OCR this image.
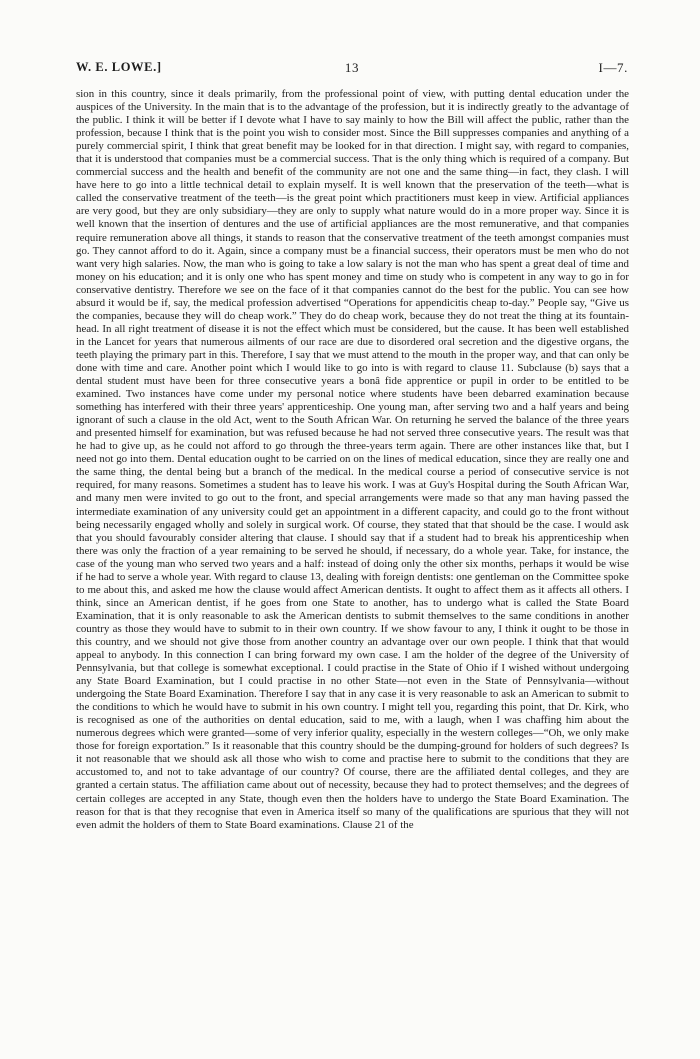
W. E. LOWE.]	13	I—7.

sion in this country, since it deals primarily, from the professional point of view, with putting dental education under the auspices of the University. In the main that is to the advantage of the profession, but it is indirectly greatly to the advantage of the public. I think it will be better if I devote what I have to say mainly to how the Bill will affect the public, rather than the profession, because I think that is the point you wish to consider most. Since the Bill suppresses companies and anything of a purely commercial spirit, I think that great benefit may be looked for in that direction. I might say, with regard to companies, that it is understood that companies must be a commercial success. That is the only thing which is required of a company. But commercial success and the health and benefit of the community are not one and the same thing—in fact, they clash. I will have here to go into a little technical detail to explain myself. It is well known that the preservation of the teeth—what is called the conservative treatment of the teeth—is the great point which practitioners must keep in view. Artificial appliances are very good, but they are only subsidiary—they are only to supply what nature would do in a more proper way. Since it is well known that the insertion of dentures and the use of artificial appliances are the most remunerative, and that companies require remuneration above all things, it stands to reason that the conservative treatment of the teeth amongst companies must go. They cannot afford to do it. Again, since a company must be a financial success, their operators must be men who do not want very high salaries. Now, the man who is going to take a low salary is not the man who has spent a great deal of time and money on his education; and it is only one who has spent money and time on study who is competent in any way to go in for conservative dentistry. Therefore we see on the face of it that companies cannot do the best for the public. You can see how absurd it would be if, say, the medical profession advertised “Operations for appendicitis cheap to-day.” People say, “Give us the companies, because they will do cheap work.” They do do cheap work, because they do not treat the thing at its fountain-head. In all right treatment of disease it is not the effect which must be considered, but the cause. It has been well established in the Lancet for years that numerous ailments of our race are due to disordered oral secretion and the digestive organs, the teeth playing the primary part in this. Therefore, I say that we must attend to the mouth in the proper way, and that can only be done with time and care. Another point which I would like to go into is with regard to clause 11. Subclause (b) says that a dental student must have been for three consecutive years a bonâ fide apprentice or pupil in order to be entitled to be examined. Two instances have come under my personal notice where students have been debarred examination because something has interfered with their three years' apprenticeship. One young man, after serving two and a half years and being ignorant of such a clause in the old Act, went to the South African War. On returning he served the balance of the three years and presented himself for examination, but was refused because he had not served three consecutive years. The result was that he had to give up, as he could not afford to go through the three-years term again. There are other instances like that, but I need not go into them. Dental education ought to be carried on on the lines of medical education, since they are really one and the same thing, the dental being but a branch of the medical. In the medical course a period of consecutive service is not required, for many reasons. Sometimes a student has to leave his work. I was at Guy's Hospital during the South African War, and many men were invited to go out to the front, and special arrangements were made so that any man having passed the intermediate examination of any university could get an appointment in a different capacity, and could go to the front without being necessarily engaged wholly and solely in surgical work. Of course, they stated that that should be the case. I would ask that you should favourably consider altering that clause. I should say that if a student had to break his apprenticeship when there was only the fraction of a year remaining to be served he should, if necessary, do a whole year. Take, for instance, the case of the young man who served two years and a half: instead of doing only the other six months, perhaps it would be wise if he had to serve a whole year. With regard to clause 13, dealing with foreign dentists: one gentleman on the Committee spoke to me about this, and asked me how the clause would affect American dentists. It ought to affect them as it affects all others. I think, since an American dentist, if he goes from one State to another, has to undergo what is called the State Board Examination, that it is only reasonable to ask the American dentists to submit themselves to the same conditions in another country as those they would have to submit to in their own country. If we show favour to any, I think it ought to be those in this country, and we should not give those from another country an advantage over our own people. I think that that would appeal to anybody. In this connection I can bring forward my own case. I am the holder of the degree of the University of Pennsylvania, but that college is somewhat exceptional. I could practise in the State of Ohio if I wished without undergoing any State Board Examination, but I could practise in no other State—not even in the State of Pennsylvania—without undergoing the State Board Examination. Therefore I say that in any case it is very reasonable to ask an American to submit to the conditions to which he would have to submit in his own country. I might tell you, regarding this point, that Dr. Kirk, who is recognised as one of the authorities on dental education, said to me, with a laugh, when I was chaffing him about the numerous degrees which were granted—some of very inferior quality, especially in the western colleges—“Oh, we only make those for foreign exportation.” Is it reasonable that this country should be the dumping-ground for holders of such degrees? Is it not reasonable that we should ask all those who wish to come and practise here to submit to the conditions that they are accustomed to, and not to take advantage of our country? Of course, there are the affiliated dental colleges, and they are granted a certain status. The affiliation came about out of necessity, because they had to protect themselves; and the degrees of certain colleges are accepted in any State, though even then the holders have to undergo the State Board Examination. The reason for that is that they recognise that even in America itself so many of the qualifications are spurious that they will not even admit the holders of them to State Board examinations. Clause 21 of the
